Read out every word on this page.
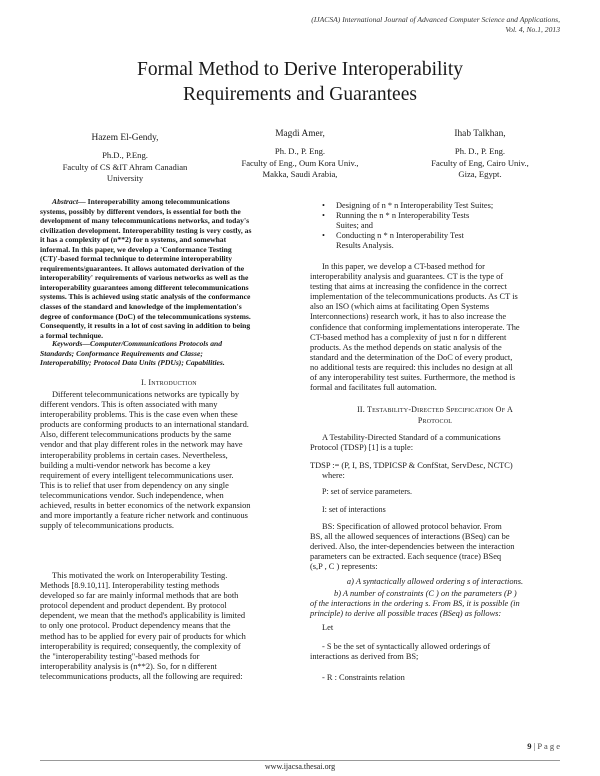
(IJACSA) International Journal of Advanced Computer Science and Applications,
Vol. 4, No.1, 2013
Formal Method to Derive Interoperability
Requirements and Guarantees
Hazem El-Gendy,
Ph.D., P.Eng.
Faculty of CS &IT Ahram Canadian
University
Magdi Amer,
Ph. D., P. Eng.
Faculty of Eng., Oum Kora Univ.,
Makka, Saudi Arabia,
Ihab Talkhan,
Ph. D., P. Eng.
Faculty of Eng, Cairo Univ.,
Giza, Egypt.
Abstract— Interoperability among telecommunications
systems, possibly by different vendors, is essential for both the
development of many telecommunications networks, and today's
civilization development. Interoperability testing is very costly, as
it has a complexity of (n**2) for n systems, and somewhat
informal. In this paper, we develop a 'Conformance Testing
(CT)'-based formal technique to determine interoperability
requirements/guarantees. It allows automated derivation of the
interoperability' requirements of various networks as well as the
interoperability guarantees among different telecommunications
systems. This is achieved using static analysis of the conformance
classes of the standard and knowledge of the implementation's
degree of conformance (DoC) of the telecommunications systems.
Consequently, it results in a lot of cost saving in addition to being
a formal technique.
Keywords—Computer/Communications Protocols and
Standards; Conformance Requirements and Classe;
Interoperability; Protocol Data Units (PDUs); Capabilities.
I. Introduction
Different telecommunications networks are typically by
different vendors. This is often associated with many
interoperability problems. This is the case even when these
products are conforming products to an international standard.
Also, different telecommunications products by the same
vendor and that play different roles in the network may have
interoperability problems in certain cases. Nevertheless,
building a multi-vendor network has become a key
requirement of every intelligent telecommunications user.
This is to relief that user from dependency on any single
telecommunications vendor. Such independence, when
achieved, results in better economics of the network expansion
and more importantly a feature richer network and continuous
supply of telecommunications products.
This motivated the work on Interoperability Testing.
Methods [8.9.10,11]. Interoperability testing methods
developed so far are mainly informal methods that are both
protocol dependent and product dependent. By protocol
dependent, we mean that the method's applicability is limited
to only one protocol. Product dependency means that the
method has to be applied for every pair of products for which
interoperability is required; consequently, the complexity of
the "interoperability testing"-based methods for
interoperability analysis is (n**2). So, for n different
telecommunications products, all the following are required:
• Designing of n * n Interoperability Test Suites;
• Running the n * n Interoperability Tests
Suites; and
• Conducting n * n Interoperability Test
Results Analysis.
In this paper, we develop a CT-based method for
interoperability analysis and guarantees. CT is the type of
testing that aims at increasing the confidence in the correct
implementation of the telecommunications products. As CT is
also an ISO (which aims at facilitating Open Systems
Interconnections) research work, it has to also increase the
confidence that conforming implementations interoperate. The
CT-based method has a complexity of just n for n different
products. As the method depends on static analysis of the
standard and the determination of the DoC of every product,
no additional tests are required: this includes no design at all
of any interoperability test suites. Furthermore, the method is
formal and facilitates full automation.
II. Testability-Directed Specification Of A
Protocol
A Testability-Directed Standard of a communications
Protocol (TDSP) [1] is a tuple:
TDSP := (P, I, BS, TDPICSP & ConfStat, ServDesc, NCTC)
where:
P: set of service parameters.
I: set of interactions
BS: Specification of allowed protocol behavior. From
BS, all the allowed sequences of interactions (BSeq) can be
derived. Also, the inter-dependencies between the interaction
parameters can be extracted. Each sequence (trace) BSeq
(s,P , C ) represents:
a) A syntactically allowed ordering s of interactions.
b) A number of constraints (C ) on the parameters (P )
of the interactions in the ordering s. From BS, it is possible (in
principle) to derive all possible traces (BSeq) as follows:
Let
- S be the set of syntactically allowed orderings of
interactions as derived from BS;
- R : Constraints relation
9 | P a g e
www.ijacsa.thesai.org
